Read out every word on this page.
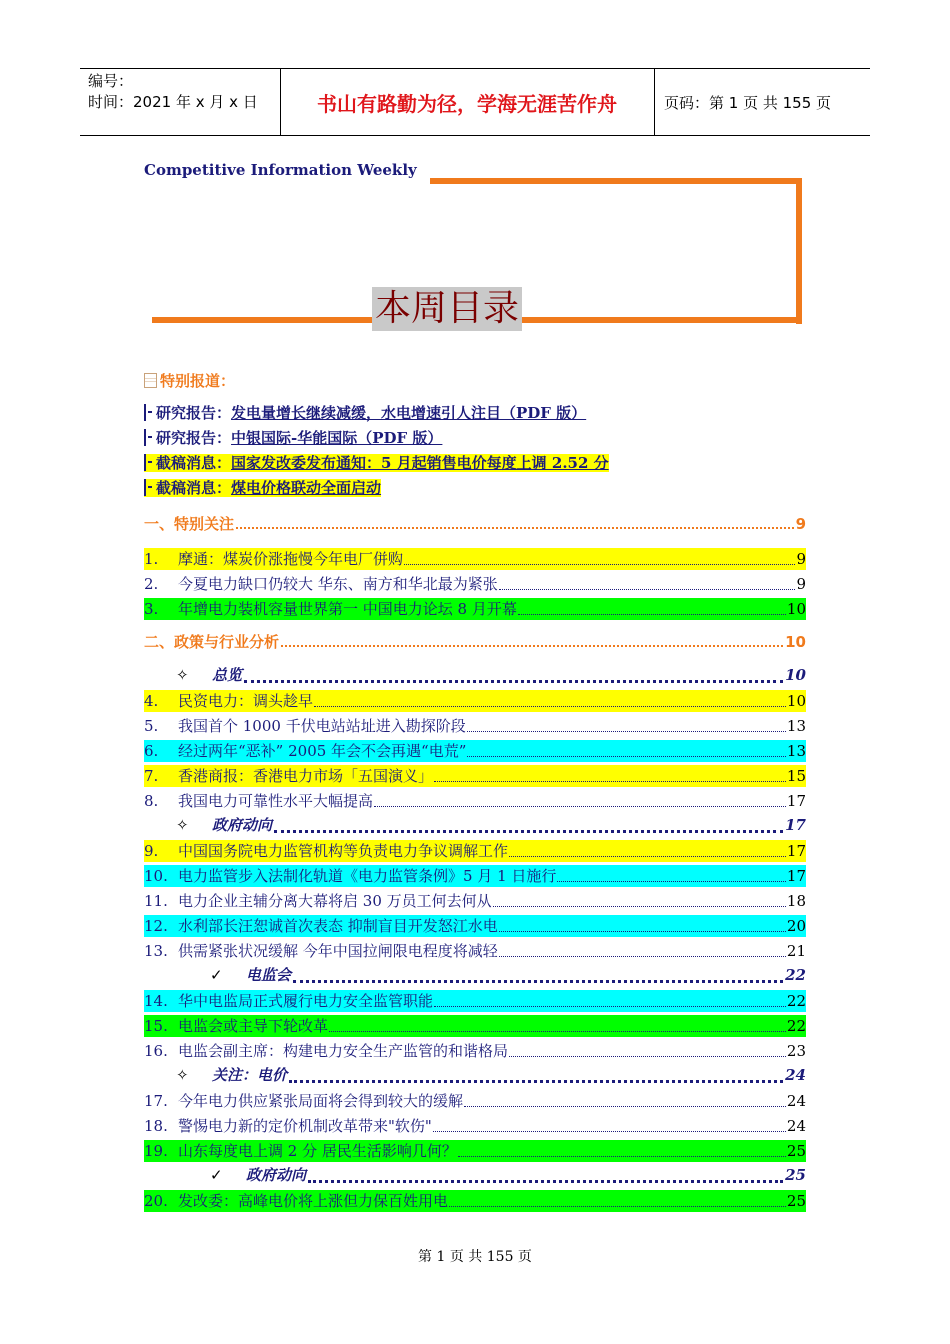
编号：
时间：2021 年 x 月 x 日	书山有路勤为径，学海无涯苦作舟	页码：第 1 页 共 155 页
Competitive Information Weekly
本周目录
特别报道：
研究报告：发电量增长继续减缓，水电增速引人注目（PDF 版）
研究报告：中银国际-华能国际（PDF 版）
截稿消息：国家发改委发布通知：5 月起销售电价每度上调 2.52 分
截稿消息：煤电价格联动全面启动
一、特别关注	9
1.	摩通：煤炭价涨拖慢今年电厂併购	9
2.	今夏电力缺口仍较大 华东、南方和华北最为紧张	9
3.	年增电力装机容量世界第一 中国电力论坛 8 月开幕	10
二、政策与行业分析	10
✧	总览	10
4.	民资电力：调头趁早	10
5.	我国首个 1000 千伏电站站址进入勘探阶段	13
6.	经过两年“恶补” 2005 年会不会再遇“电荒”	13
7.	香港商报：香港电力市场「五国演义」	15
8.	我国电力可靠性水平大幅提高	17
✧	政府动向	17
9.	中国国务院电力监管机构等负责电力争议调解工作	17
10. 电力监管步入法制化轨道《电力监管条例》5 月 1 日施行	17
11. 电力企业主辅分离大幕将启 30 万员工何去何从	18
12. 水利部长汪恕诚首次表态 抑制盲目开发怒江水电	20
13. 供需紧张状况缓解 今年中国拉闸限电程度将减轻	21
✓	电监会	22
14. 华中电监局正式履行电力安全监管职能	22
15. 电监会或主导下轮改革	22
16. 电监会副主席：构建电力安全生产监管的和谐格局	23
✧	关注：电价	24
17. 今年电力供应紧张局面将会得到较大的缓解	24
18. 警惕电力新的定价机制改革带来"软伤"	24
19. 山东每度电上调 2 分 居民生活影响几何？	25
✓	政府动向	25
20. 发改委：高峰电价将上涨但力保百姓用电	25
第 1 页 共 155 页
